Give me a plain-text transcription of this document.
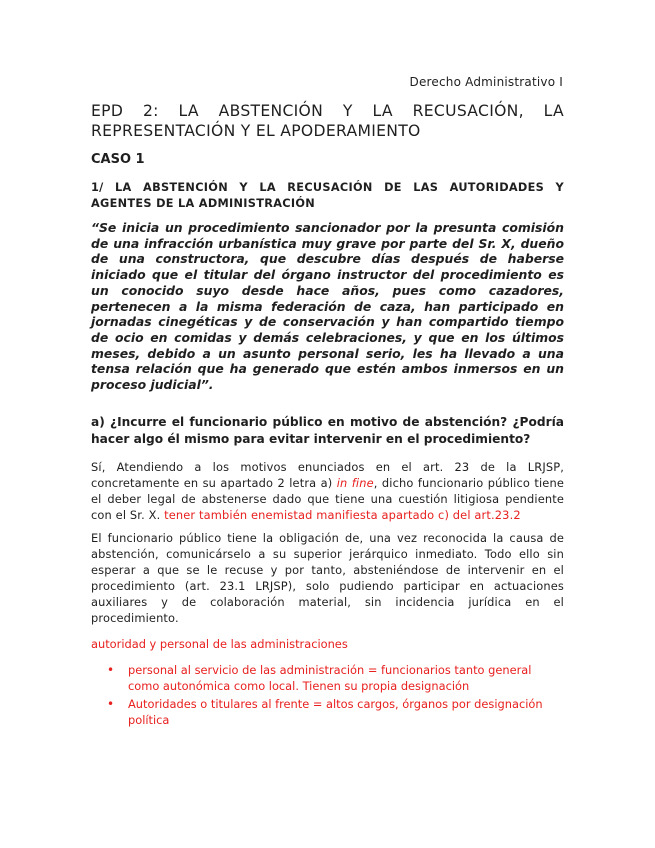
Derecho Administrativo I
EPD 2: LA ABSTENCIÓN Y LA RECUSACIÓN, LA REPRESENTACIÓN Y EL APODERAMIENTO
CASO 1
1/ LA ABSTENCIÓN Y LA RECUSACIÓN DE LAS AUTORIDADES Y AGENTES DE LA ADMINISTRACIÓN

“Se inicia un procedimiento sancionador por la presunta comisión de una infracción urbanística muy grave por parte del Sr. X, dueño de una constructora, que descubre días después de haberse iniciado que el titular del órgano instructor del procedimiento es un conocido suyo desde hace años, pues como cazadores, pertenecen a la misma federación de caza, han participado en jornadas cinegéticas y de conservación y han compartido tiempo de ocio en comidas y demás celebraciones, y que en los últimos meses, debido a un asunto personal serio, les ha llevado a una tensa relación que ha generado que estén ambos inmersos en un proceso judicial”.

a) ¿Incurre el funcionario público en motivo de abstención? ¿Podría hacer algo él mismo para evitar intervenir en el procedimiento?

Sí, Atendiendo a los motivos enunciados en el art. 23 de la LRJSP, concretamente en su apartado 2 letra a) in fine, dicho funcionario público tiene el deber legal de abstenerse dado que tiene una cuestión litigiosa pendiente con el Sr. X. tener también enemistad manifiesta apartado c) del art.23.2

El funcionario público tiene la obligación de, una vez reconocida la causa de abstención, comunicárselo a su superior jerárquico inmediato. Todo ello sin esperar a que se le recuse y por tanto, absteniéndose de intervenir en el procedimiento (art. 23.1 LRJSP), solo pudiendo participar en actuaciones auxiliares y de colaboración material, sin incidencia jurídica en el procedimiento.

autoridad y personal de las administraciones

• personal al servicio de las administración = funcionarios tanto general como autonómica como local. Tienen su propia designación
• Autoridades o titulares al frente = altos cargos, órganos por designación política
